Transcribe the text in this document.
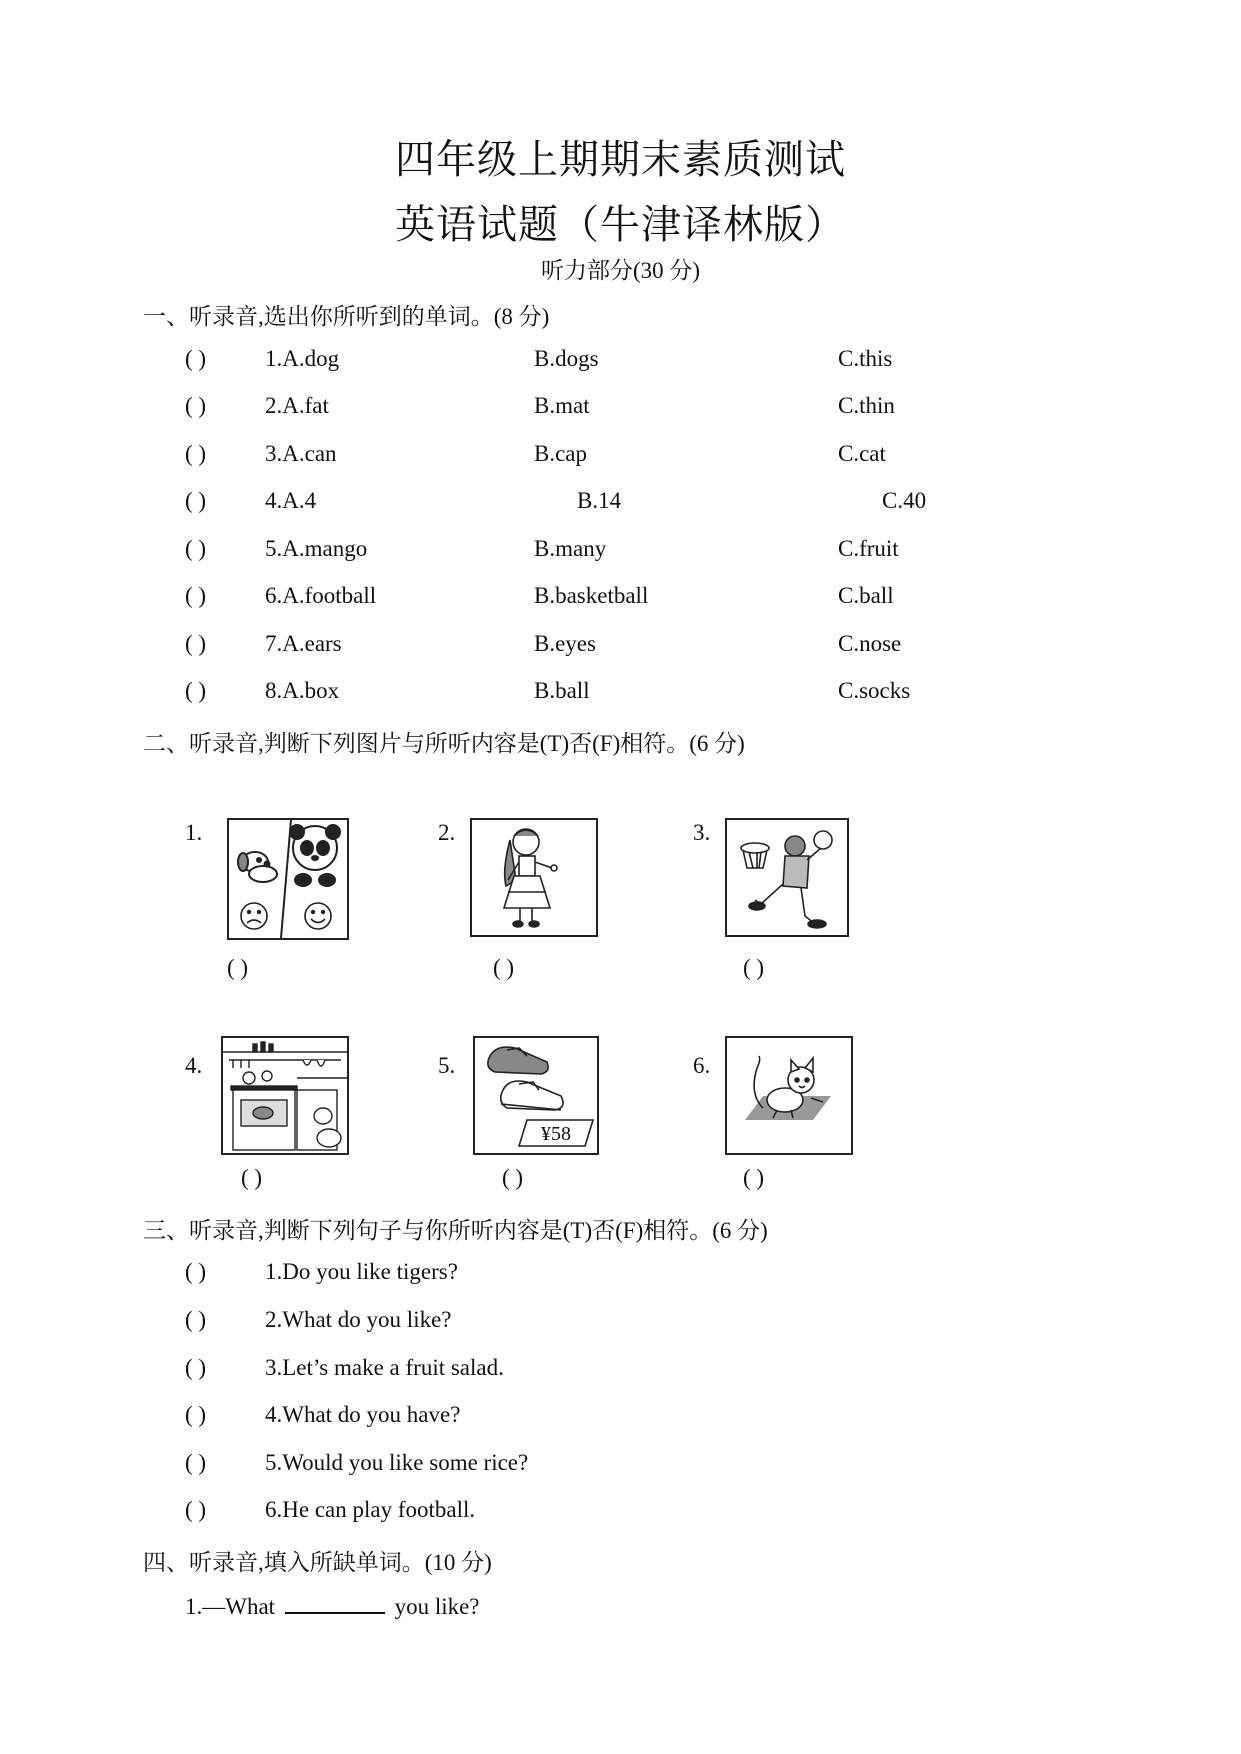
四年级上期期末素质测试
英语试题（牛津译林版）
听力部分(30 分)
一、听录音,选出你所听到的单词。(8 分)
( )	1.A.dog	B.dogs	C.this
( )	2.A.fat	B.mat	C.thin
( )	3.A.can	B.cap	C.cat
( )	4.A.4	B.14	C.40
( )	5.A.mango	B.many	C.fruit
( )	6.A.football	B.basketball	C.ball
( )	7.A.ears	B.eyes	C.nose
( )	8.A.box	B.ball	C.socks
二、听录音,判断下列图片与所听内容是(T)否(F)相符。(6 分)
1.
( )
2.
( )
3.
( )
4.
( )
5.
¥58
( )
6.
( )
三、听录音,判断下列句子与你所听内容是(T)否(F)相符。(6 分)
( )	1.Do you like tigers?
( )	2.What do you like?
( )	3.Let’s make a fruit salad.
( )	4.What do you have?
( )	5.Would you like some rice?
( )	6.He can play football.
四、听录音,填入所缺单词。(10 分)
1.—What	you like?
